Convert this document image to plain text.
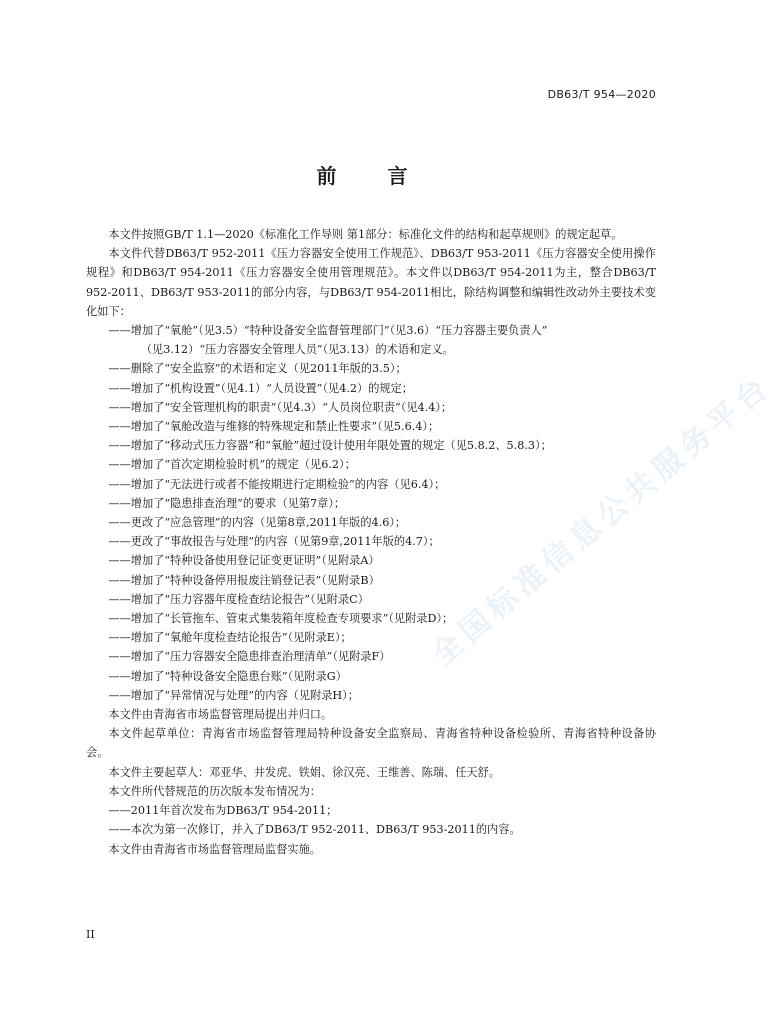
DB63/T 954—2020
前 言
本文件按照GB/T 1.1—2020《标准化工作导则 第1部分：标准化文件的结构和起草规则》的规定起草。
本文件代替DB63/T 952-2011《压力容器安全使用工作规范》、DB63/T 953-2011《压力容器安全使用操作规程》和DB63/T 954-2011《压力容器安全使用管理规范》。本文件以DB63/T 954-2011为主，整合DB63/T 952-2011、DB63/T 953-2011的部分内容，与DB63/T 954-2011相比，除结构调整和编辑性改动外主要技术变化如下：
——增加了“氧舱”（见3.5）“特种设备安全监督管理部门”（见3.6）“压力容器主要负责人”
（见3.12）“压力容器安全管理人员”（见3.13）的术语和定义。
——删除了“安全监察”的术语和定义（见2011年版的3.5）；
——增加了“机构设置”（见4.1）“人员设置”（见4.2）的规定；
——增加了“安全管理机构的职责”（见4.3）“人员岗位职责”（见4.4）；
——增加了“氧舱改造与维修的特殊规定和禁止性要求”（见5.6.4）；
——增加了“移动式压力容器”和“氧舱”超过设计使用年限处置的规定（见5.8.2、5.8.3）；
——增加了“首次定期检验时机”的规定（见6.2）；
——增加了“无法进行或者不能按期进行定期检验”的内容（见6.4）；
——增加了“隐患排查治理”的要求（见第7章）；
——更改了“应急管理”的内容（见第8章,2011年版的4.6）；
——更改了“事故报告与处理”的内容（见第9章,2011年版的4.7）；
——增加了“特种设备使用登记证变更证明”（见附录A）
——增加了“特种设备停用报废注销登记表”（见附录B）
——增加了“压力容器年度检查结论报告”（见附录C）
——增加了“长管拖车、管束式集装箱年度检查专项要求”（见附录D）；
——增加了“氧舱年度检查结论报告”（见附录E）；
——增加了“压力容器安全隐患排查治理清单”（见附录F）
——增加了“特种设备安全隐患台账”（见附录G）
——增加了“异常情况与处理”的内容（见附录H）；
本文件由青海省市场监督管理局提出并归口。
本文件起草单位：青海省市场监督管理局特种设备安全监察局、青海省特种设备检验所、青海省特种设备协会。
本文件主要起草人：邓亚华、井发虎、铁娟、徐汉亮、王维善、陈瑞、任天舒。
本文件所代替规范的历次版本发布情况为：
——2011年首次发布为DB63/T 954-2011；
——本次为第一次修订，并入了DB63/T 952-2011、DB63/T 953-2011的内容。
本文件由青海省市场监督管理局监督实施。
全国标准信息公共服务平台
II
